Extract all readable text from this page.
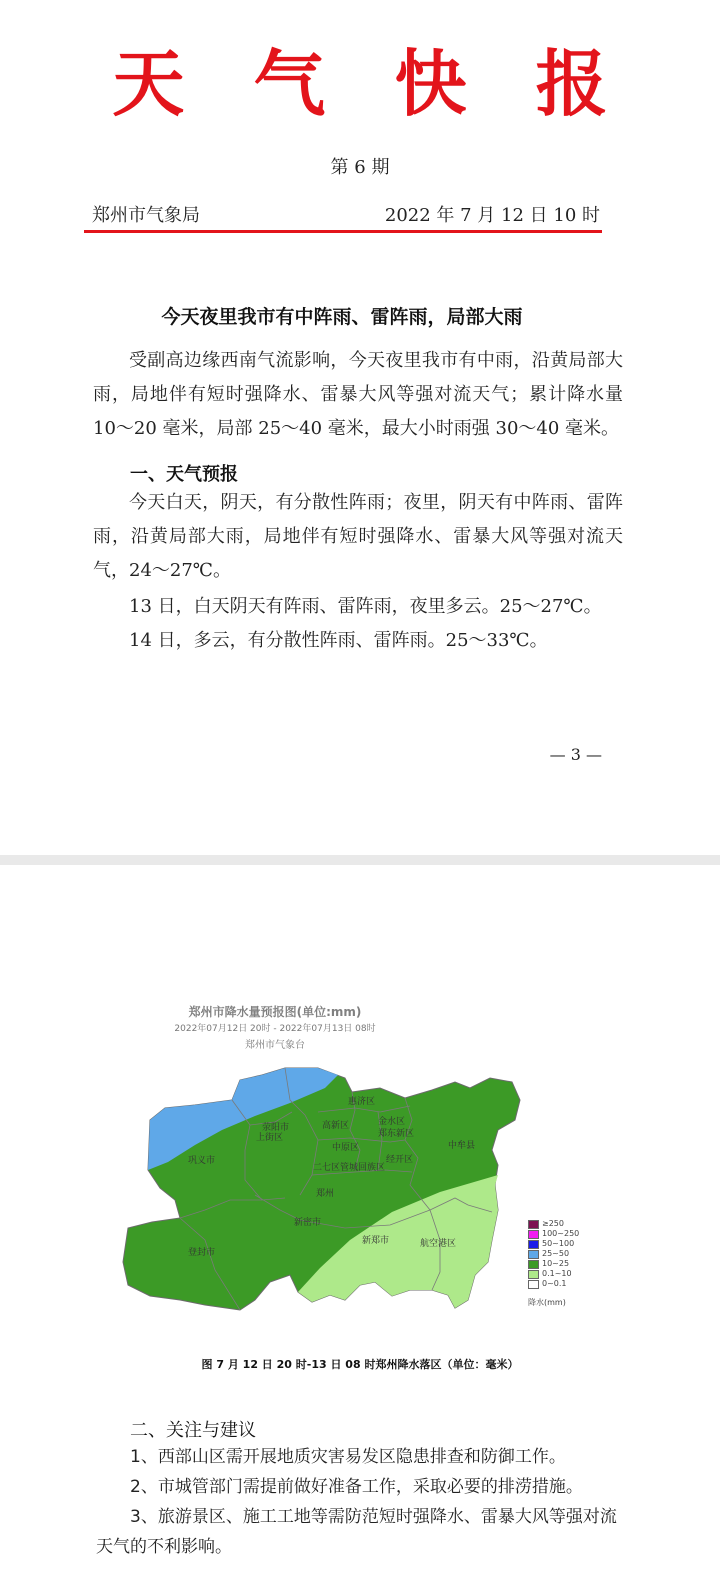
天 气 快 报
第 6 期
郑州市气象局	2022 年 7 月 12 日 10 时
今天夜里我市有中阵雨、雷阵雨，局部大雨
受副高边缘西南气流影响，今天夜里我市有中雨，沿黄局部大雨，局地伴有短时强降水、雷暴大风等强对流天气；累计降水量 10～20 毫米，局部 25～40 毫米，最大小时雨强 30～40 毫米。
一、天气预报
今天白天，阴天，有分散性阵雨；夜里，阴天有中阵雨、雷阵雨，沿黄局部大雨，局地伴有短时强降水、雷暴大风等强对流天气，24～27℃。
13 日，白天阴天有阵雨、雷阵雨，夜里多云。25～27℃。
14 日，多云，有分散性阵雨、雷阵雨。25～33℃。
— 3 —
郑州市降水量预报图(单位:mm)
2022年07月12日 20时 - 2022年07月13日 08时
郑州市气象台
惠济区
荥阳市
上街区
高新区	金水区
郑东新区
中牟县
巩义市
中原区
二七区 管城回族区
经开区
郑州
新密市
新郑市	航空港区
登封市
≥250
100~250
50~100
25~50
10~25
0.1~10
0~0.1
降水(mm)
图 7 月 12 日 20 时-13 日 08 时郑州降水落区（单位：毫米）
二、关注与建议
1、西部山区需开展地质灾害易发区隐患排查和防御工作。
2、市城管部门需提前做好准备工作，采取必要的排涝措施。
3、旅游景区、施工工地等需防范短时强降水、雷暴大风等强对流天气的不利影响。
